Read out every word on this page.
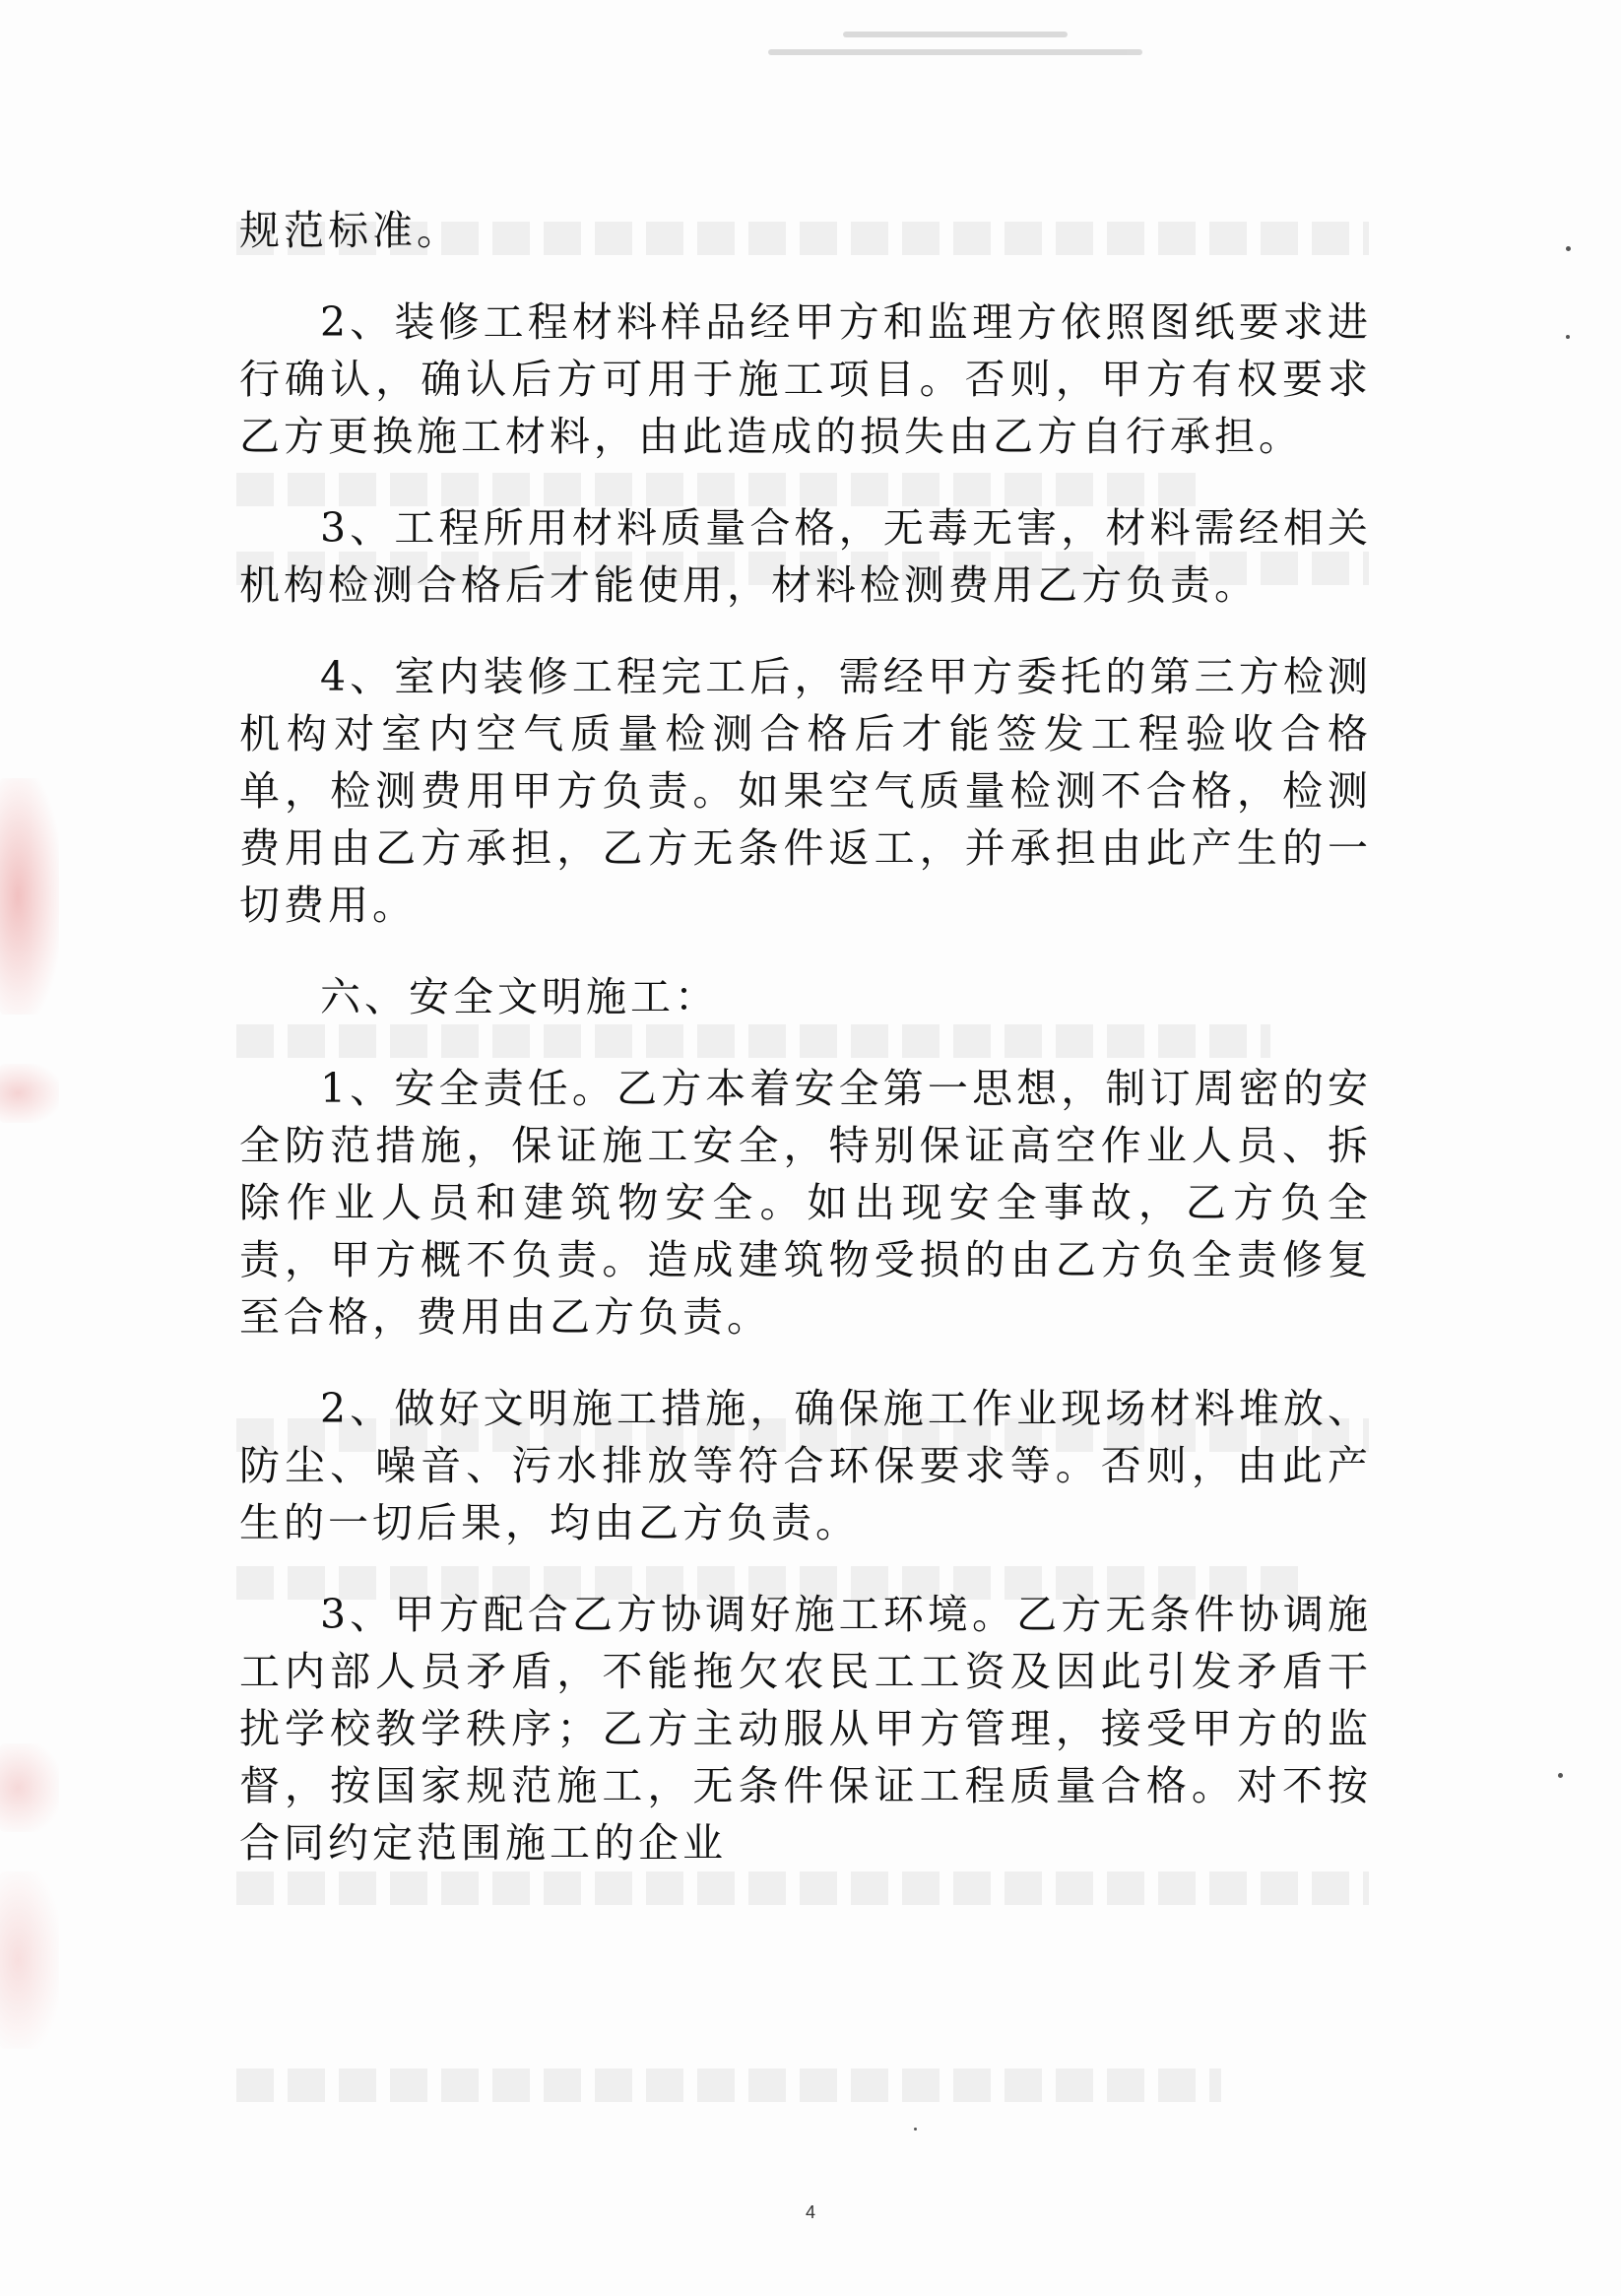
规范标准。

2、装修工程材料样品经甲方和监理方依照图纸要求进行确认，确认后方可用于施工项目。否则，甲方有权要求乙方更换施工材料，由此造成的损失由乙方自行承担。

3、工程所用材料质量合格，无毒无害，材料需经相关机构检测合格后才能使用，材料检测费用乙方负责。

4、室内装修工程完工后，需经甲方委托的第三方检测机构对室内空气质量检测合格后才能签发工程验收合格单，检测费用甲方负责。如果空气质量检测不合格，检测费用由乙方承担，乙方无条件返工，并承担由此产生的一切费用。

六、安全文明施工：

1、安全责任。乙方本着安全第一思想，制订周密的安全防范措施，保证施工安全，特别保证高空作业人员、拆除作业人员和建筑物安全。如出现安全事故，乙方负全责，甲方概不负责。造成建筑物受损的由乙方负全责修复至合格，费用由乙方负责。

2、做好文明施工措施，确保施工作业现场材料堆放、防尘、噪音、污水排放等符合环保要求等。否则，由此产生的一切后果，均由乙方负责。

3、甲方配合乙方协调好施工环境。乙方无条件协调施工内部人员矛盾，不能拖欠农民工工资及因此引发矛盾干扰学校教学秩序；乙方主动服从甲方管理，接受甲方的监督，按国家规范施工，无条件保证工程质量合格。对不按合同约定范围施工的企业

4
